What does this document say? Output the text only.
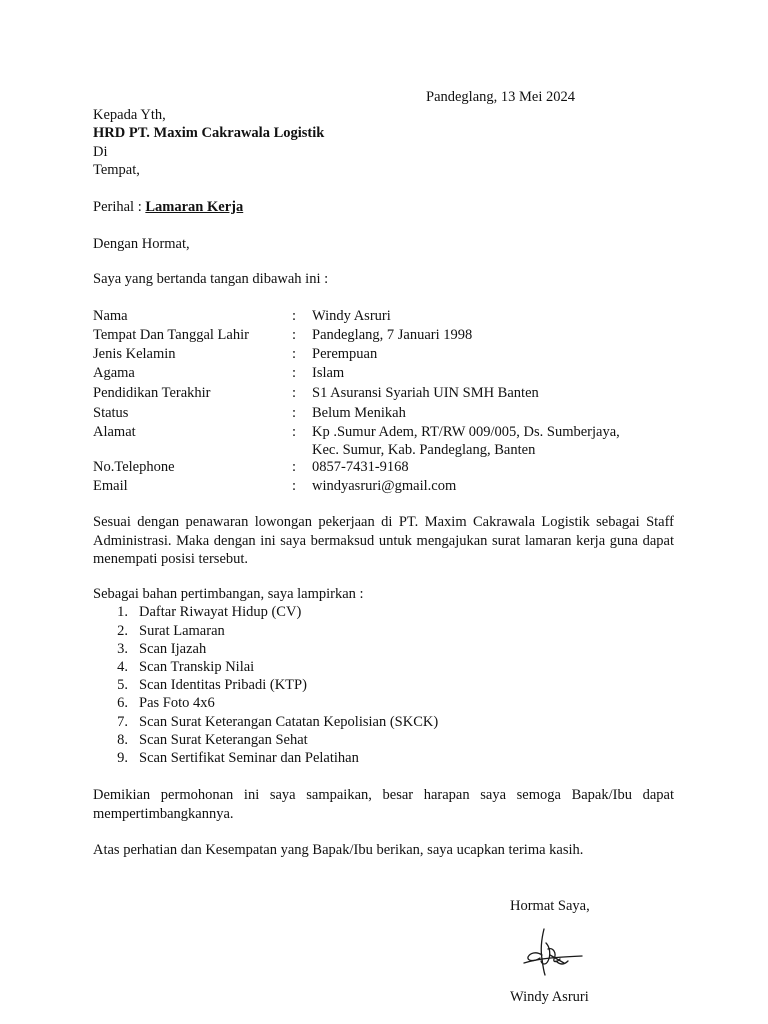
Pandeglang, 13 Mei 2024
Kepada Yth,
HRD PT. Maxim Cakrawala Logistik
Di
Tempat,
Perihal : Lamaran Kerja
Dengan Hormat,
Saya yang bertanda tangan dibawah ini :
Nama	: Windy Asruri
Tempat Dan Tanggal Lahir	: Pandeglang, 7 Januari 1998
Jenis Kelamin	: Perempuan
Agama	: Islam
Pendidikan Terakhir	: S1 Asuransi Syariah UIN SMH Banten
Status	: Belum Menikah
Alamat	: Kp .Sumur Adem, RT/RW 009/005, Ds. Sumberjaya,
Kec. Sumur, Kab. Pandeglang, Banten
No.Telephone	: 0857-7431-9168
Email	: windyasruri@gmail.com
Sesuai dengan penawaran lowongan pekerjaan di PT. Maxim Cakrawala Logistik sebagai Staff Administrasi. Maka dengan ini saya bermaksud untuk mengajukan surat lamaran kerja guna dapat menempati posisi tersebut.
Sebagai bahan pertimbangan, saya lampirkan :
1. Daftar Riwayat Hidup (CV)
2. Surat Lamaran
3. Scan Ijazah
4. Scan Transkip Nilai
5. Scan Identitas Pribadi (KTP)
6. Pas Foto 4x6
7. Scan Surat Keterangan Catatan Kepolisian (SKCK)
8. Scan Surat Keterangan Sehat
9. Scan Sertifikat Seminar dan Pelatihan
Demikian permohonan ini saya sampaikan, besar harapan saya semoga Bapak/Ibu dapat mempertimbangkannya.
Atas perhatian dan Kesempatan yang Bapak/Ibu berikan, saya ucapkan terima kasih.
Hormat Saya,
Windy Asruri
